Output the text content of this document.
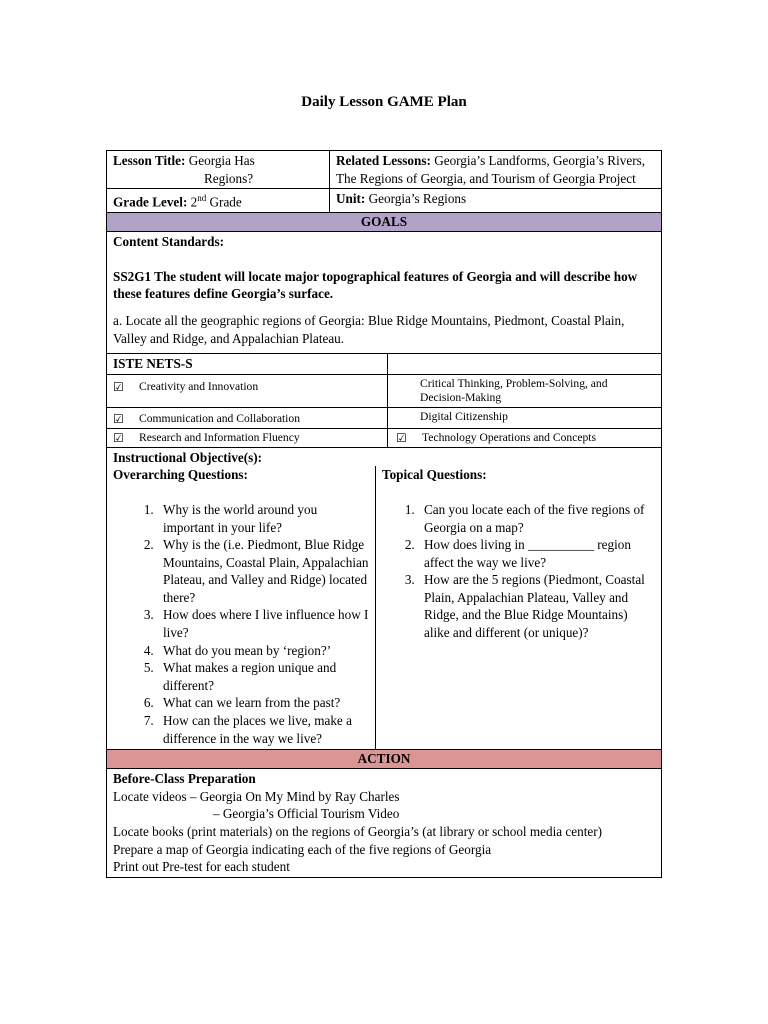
Daily Lesson GAME Plan
Lesson Title: Georgia Has
Regions?
Related Lessons: Georgia’s Landforms, Georgia’s Rivers, The Regions of Georgia, and Tourism of Georgia Project
Grade Level: 2nd Grade	Unit: Georgia’s Regions
GOALS
Content Standards:
SS2G1 The student will locate major topographical features of Georgia and will describe how these features define Georgia’s surface.
a. Locate all the geographic regions of Georgia: Blue Ridge Mountains, Piedmont, Coastal Plain, Valley and Ridge, and Appalachian Plateau.
ISTE NETS-S
☑ Creativity and Innovation	Critical Thinking, Problem-Solving, and Decision-Making
☑ Communication and Collaboration	Digital Citizenship
☑ Research and Information Fluency	☑ Technology Operations and Concepts
Instructional Objective(s):
Overarching Questions:
1. Why is the world around you important in your life?
2. Why is the (i.e. Piedmont, Blue Ridge Mountains, Coastal Plain, Appalachian Plateau, and Valley and Ridge) located there?
3. How does where I live influence how I live?
4. What do you mean by ‘region?’
5. What makes a region unique and different?
6. What can we learn from the past?
7. How can the places we live, make a difference in the way we live?
Topical Questions:
1. Can you locate each of the five regions of Georgia on a map?
2. How does living in __________ region affect the way we live?
3. How are the 5 regions (Piedmont, Coastal Plain, Appalachian Plateau, Valley and Ridge, and the Blue Ridge Mountains) alike and different (or unique)?
ACTION
Before-Class Preparation
Locate videos – Georgia On My Mind by Ray Charles
– Georgia’s Official Tourism Video
Locate books (print materials) on the regions of Georgia’s (at library or school media center)
Prepare a map of Georgia indicating each of the five regions of Georgia
Print out Pre-test for each student
